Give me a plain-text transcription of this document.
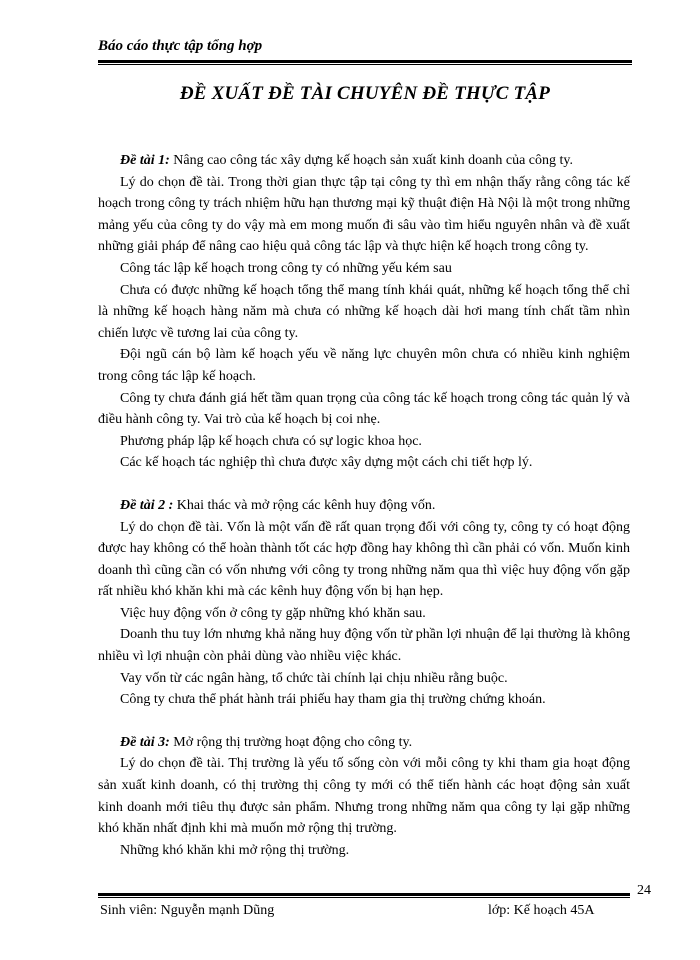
Báo cáo thực tập tổng hợp
ĐỀ XUẤT ĐỀ TÀI CHUYÊN ĐỀ THỰC TẬP

Đề tài 1: Nâng cao công tác xây dựng kế hoạch sản xuất kinh doanh của công ty.

Lý do chọn đề tài. Trong thời gian thực tập tại công ty thì em nhận thấy rằng công tác kế hoạch trong công ty trách nhiệm hữu hạn thương mại kỹ thuật điện Hà Nội là một trong những mảng yếu của công ty do vậy mà em mong muốn đi sâu vào tìm hiểu nguyên nhân và đề xuất những giải pháp để nâng cao hiệu quả công tác lập và thực hiện kế hoạch trong công ty.

Công tác lập kế hoạch trong công ty có những yếu kém sau

Chưa có được những kế hoạch tổng thể mang tính khái quát, những kế hoạch tổng thể chỉ là những kế hoạch hàng năm mà chưa có những kế hoạch dài hơi mang tính chất tầm nhìn chiến lược về tương lai của công ty.

Đội ngũ cán bộ làm kế hoạch yếu về năng lực chuyên môn chưa có nhiều kinh nghiệm trong công tác lập kế hoạch.

Công ty chưa đánh giá hết tầm quan trọng của công tác kế hoạch trong công tác quản lý và điều hành công ty. Vai trò của kế hoạch bị coi nhẹ.

Phương pháp lập kế hoạch chưa có sự logic khoa học.

Các kế hoạch tác nghiệp thì chưa được xây dựng một cách chi tiết hợp lý.

Đề tài 2 : Khai thác và mở rộng các kênh huy động vốn.

Lý do chọn đề tài. Vốn là một vấn đề rất quan trọng đối với công ty, công ty có hoạt động được hay không có thể hoàn thành tốt các hợp đồng hay không thì cần phải có vốn. Muốn kinh doanh thì cũng cần có vốn nhưng với công ty trong những năm qua thì việc huy động vốn gặp rất nhiều khó khăn khi mà các kênh huy động vốn bị hạn hẹp.

Việc huy động vốn ở công ty gặp những khó khăn sau.

Doanh thu tuy lớn nhưng khả năng huy động vốn từ phần lợi nhuận để lại thường là không nhiều vì lợi nhuận còn phải dùng vào nhiều việc khác.

Vay vốn từ các ngân hàng, tổ chức tài chính lại chịu nhiều rằng buộc.

Công ty chưa thể phát hành trái phiếu hay tham gia thị trường chứng khoán.

Đề tài 3: Mở rộng thị trường hoạt động cho công ty.

Lý do chọn đề tài. Thị trường là yếu tố sống còn với mỗi công ty khi tham gia hoạt động sản xuất kinh doanh, có thị trường thị công ty mới có thể tiến hành các hoạt động sản xuất kinh doanh mới tiêu thụ được sản phẩm. Nhưng trong những năm qua công ty lại gặp những khó khăn nhất định khi mà muốn mở rộng thị trường.

Những khó khăn khi mở rộng thị trường.

24
Sinh viên: Nguyễn mạnh Dũng	lớp: Kế hoạch 45A
